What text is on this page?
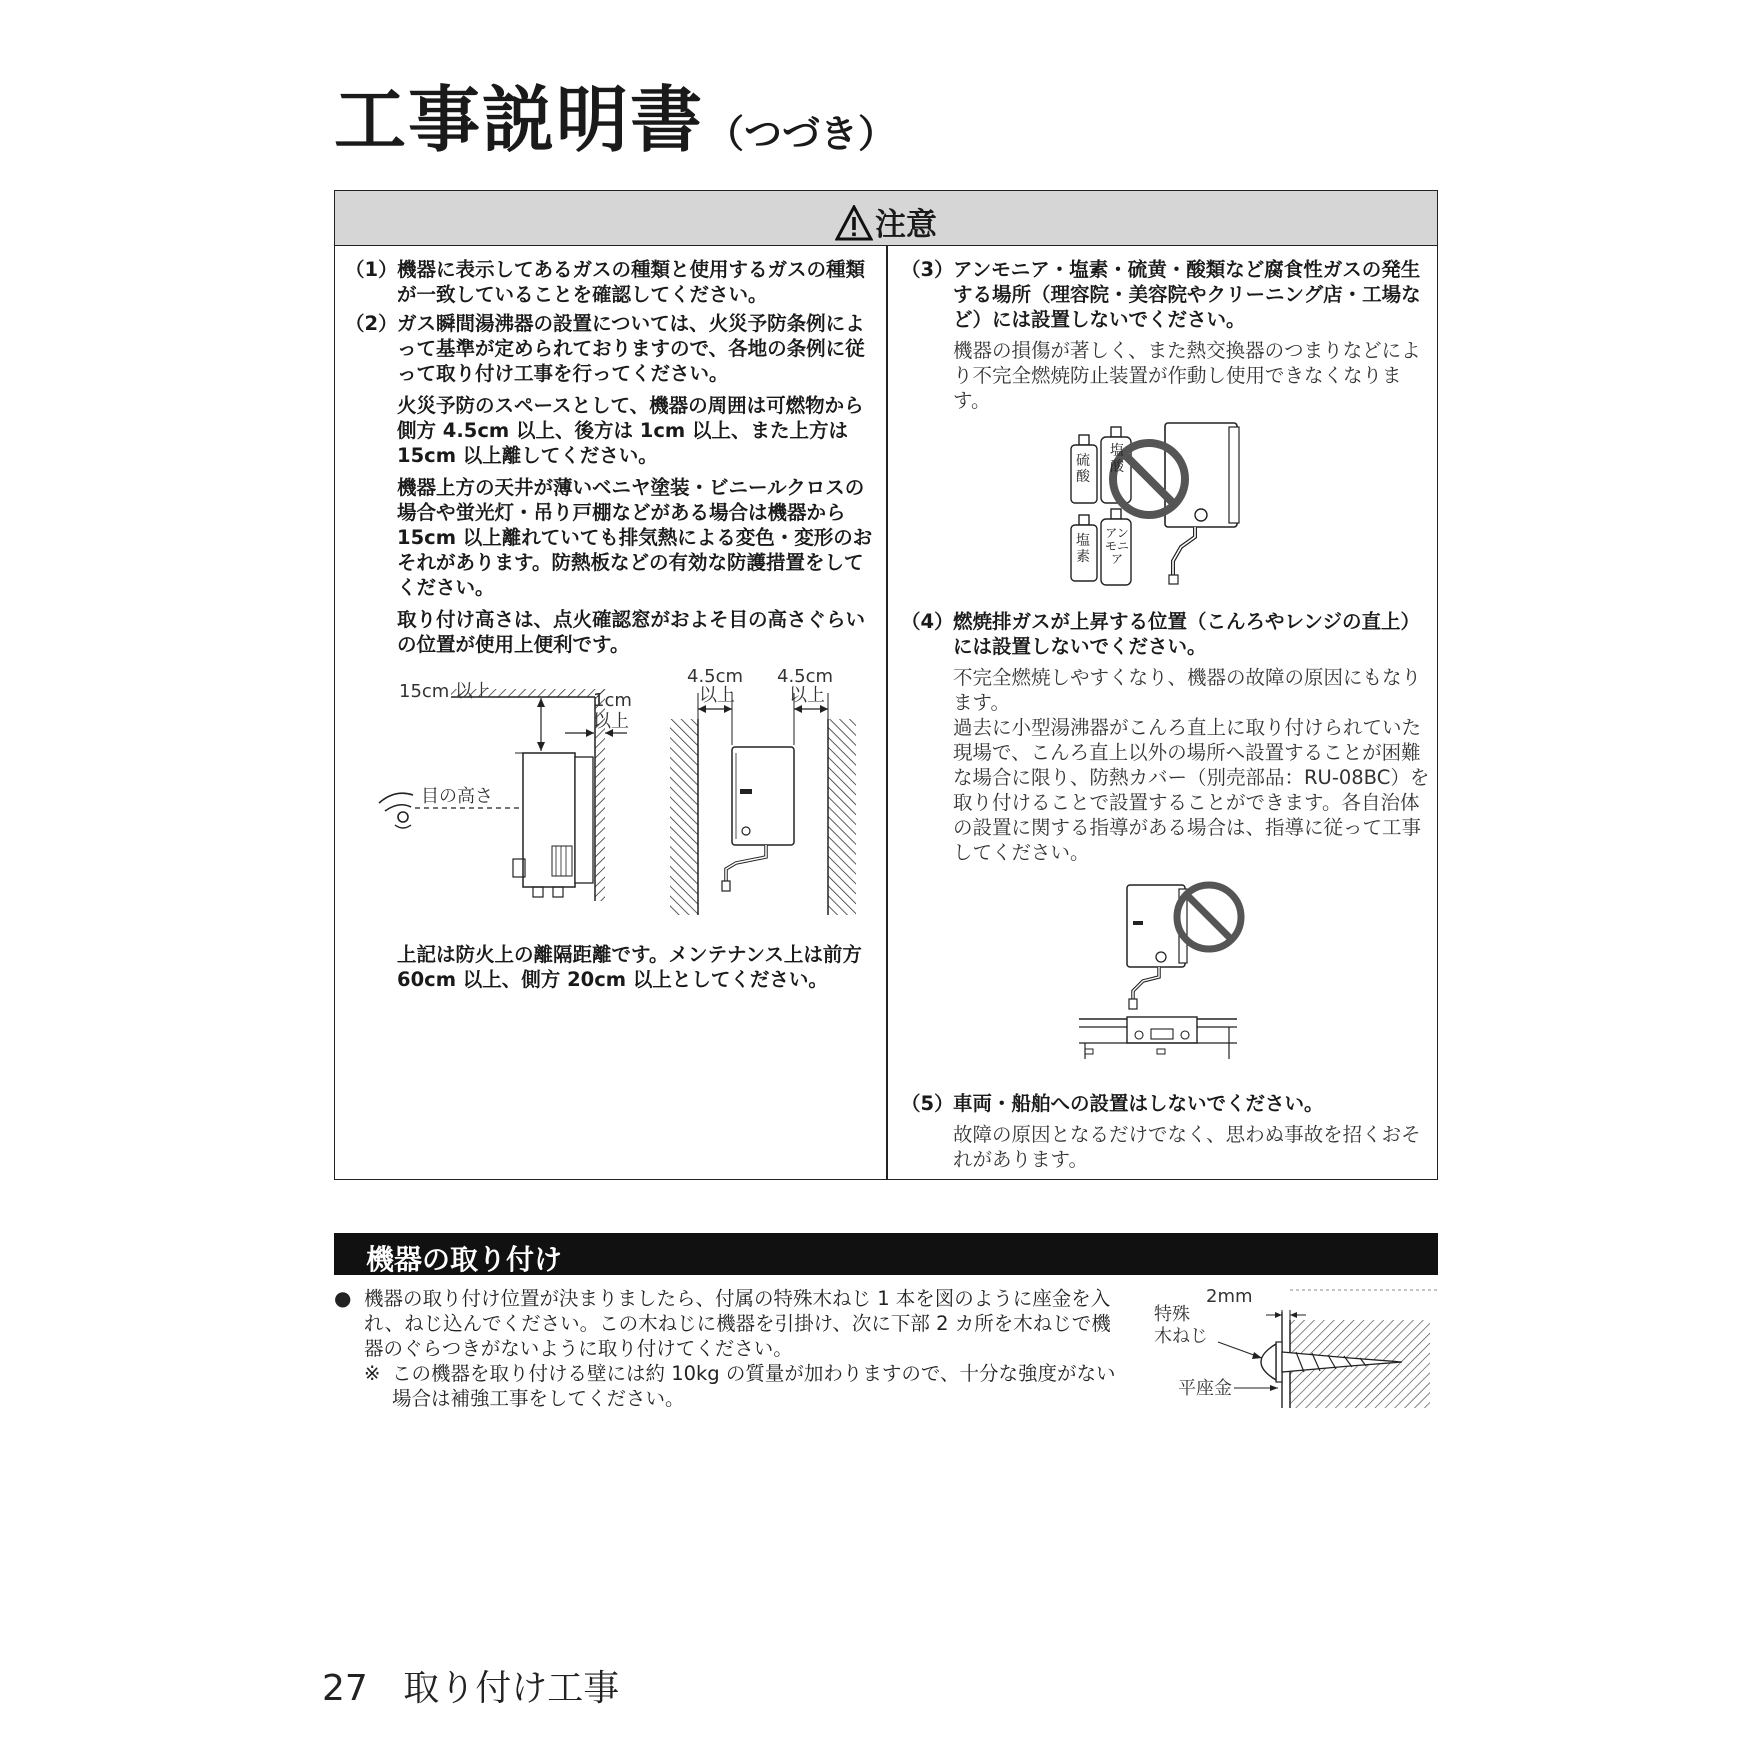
工事説明書 （つづき）
注意
（1） 機器に表示してあるガスの種類と使用するガスの種類が一致していることを確認してください。
（2） ガス瞬間湯沸器の設置については、火災予防条例によって基準が定められておりますので、各地の条例に従って取り付け工事を行ってください。
火災予防のスペースとして、機器の周囲は可燃物から側方 4.5cm 以上、後方は 1cm 以上、また上方は 15cm 以上離してください。
機器上方の天井が薄いベニヤ塗装・ビニールクロスの場合や蛍光灯・吊り戸棚などがある場合は機器から 15cm 以上離れていても排気熱による変色・変形のおそれがあります。防熱板などの有効な防護措置をしてください。
取り付け高さは、点火確認窓がおよそ目の高さぐらいの位置が使用上便利です。
15cm 以上	1cm
以上
目の高さ
4.5cm
以上
4.5cm
以上
上記は防火上の離隔距離です。メンテナンス上は前方 60cm 以上、側方 20cm 以上としてください。
（3） アンモニア・塩素・硫黄・酸類など腐食性ガスの発生する場所（理容院・美容院やクリーニング店・工場など）には設置しないでください。
機器の損傷が著しく、また熱交換器のつまりなどにより不完全燃焼防止装置が作動し使用できなくなります。
硫酸
塩酸
塩素
アンモニア
（4） 燃焼排ガスが上昇する位置（こんろやレンジの直上）には設置しないでください。
不完全燃焼しやすくなり、機器の故障の原因にもなります。
過去に小型湯沸器がこんろ直上に取り付けられていた現場で、こんろ直上以外の場所へ設置することが困難な場合に限り、防熱カバー（別売部品：RU-08BC）を取り付けることで設置することができます。各自治体の設置に関する指導がある場合は、指導に従って工事してください。
（5） 車両・船舶への設置はしないでください。
故障の原因となるだけでなく、思わぬ事故を招くおそれがあります。
機器の取り付け
● 機器の取り付け位置が決まりましたら、付属の特殊木ねじ 1 本を図のように座金を入れ、ねじ込んでください。この木ねじに機器を引掛け、次に下部 2 カ所を木ねじで機器のぐらつきがないように取り付けてください。
※ この機器を取り付ける壁には約 10kg の質量が加わりますので、十分な強度がない場合は補強工事をしてください。
2mm
特殊
木ねじ
平座金
27 取り付け工事
